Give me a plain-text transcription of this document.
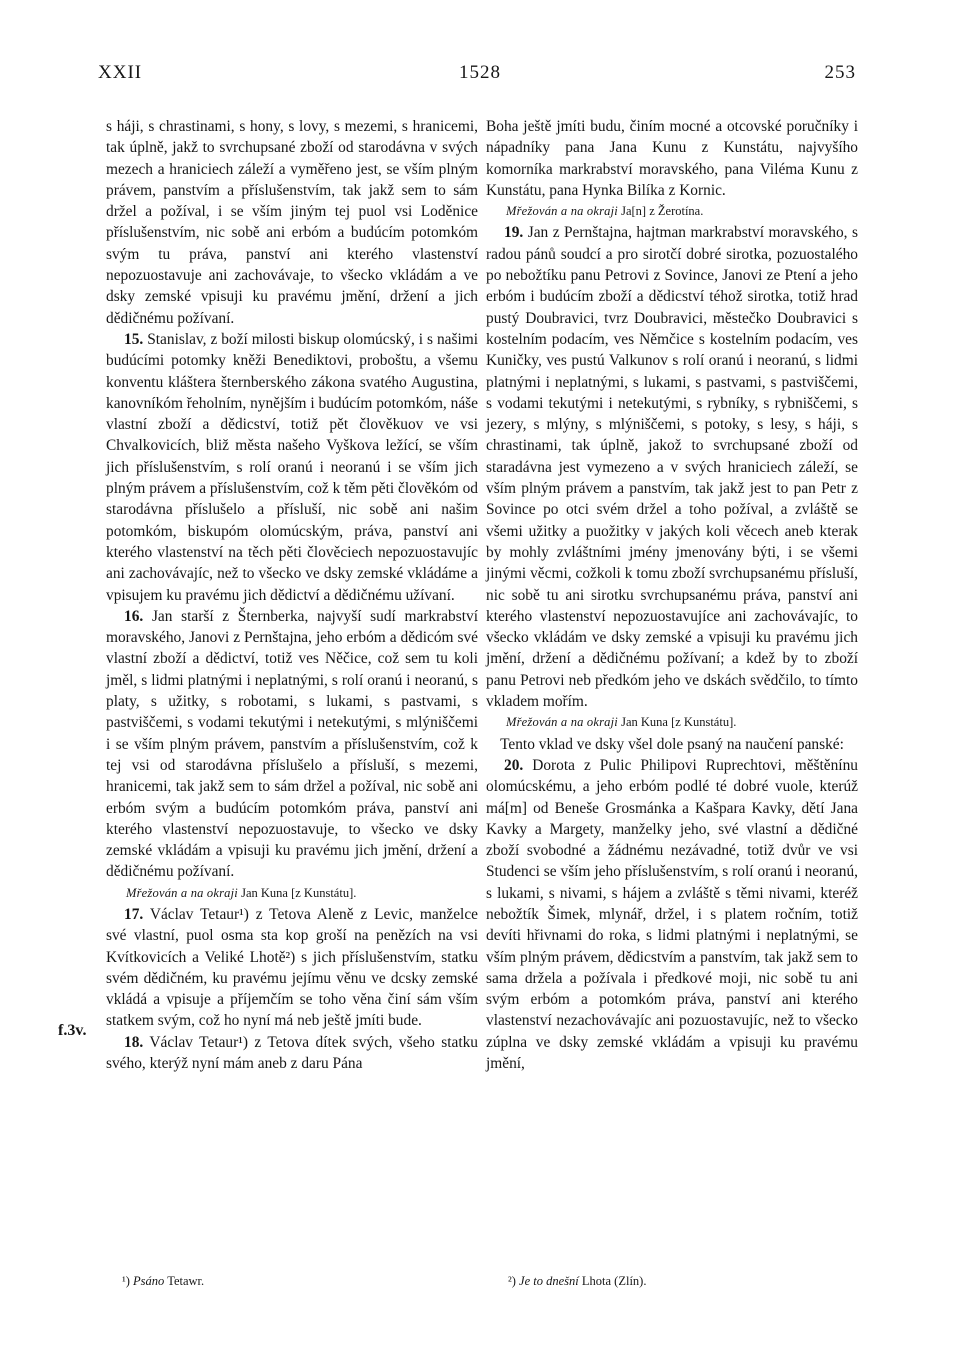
XXII	1528	253
f.3v.

s háji, s chrastinami, s hony, s lovy, s mezemi, s hranicemi, tak úplně, jakž to svrchupsané zboží od starodávna v svých mezech a hraniciech záleží a vyměřeno jest, se vším plným právem, panstvím a příslušenstvím, tak jakž sem to sám držel a požíval, i se vším jiným tej puol vsi Loděnice příslušenstvím, nic sobě ani erbóm a budúcím potomkóm svým tu práva, panství ani kterého vlastenství nepozuostavuje ani zachovávaje, to všecko vkládám a ve dsky zemské vpisuji ku pravému jmění, držení a jich dědičnému požívaní.

15. Stanislav, z boží milosti biskup olomúcský, i s našimi budúcími potomky kněži Benediktovi, proboštu, a všemu konventu kláštera šternberského zákona svatého Augustina, kanovníkóm řeholním, nynějším i budúcím potomkóm, náše vlastní zboží a dědicství, totiž pět člověkuov ve vsi Chvalkovicích, bliž města našeho Vyškova ležící, se vším jich příslušenstvím, s rolí oranú i neoranú i se vším jich plným právem a příslušenstvím, což k těm pěti člověkóm od starodávna příslušelo a přísluší, nic sobě ani našim potomkóm, biskupóm olomúcským, práva, panství ani kterého vlastenství na těch pěti člověciech nepozuostavujíc ani zachovávajíc, než to všecko ve dsky zemské vkládáme a vpisujem ku pravému jich dědictví a dědičnému užívaní.

16. Jan starší z Šternberka, najvyší sudí markrabství moravského, Janovi z Pernštajna, jeho erbóm a dědicóm své vlastní zboží a dědictví, totiž ves Něčice, což sem tu koli jměl, s lidmi platnými i neplatnými, s rolí oranú i neoranú, s platy, s užitky, s robotami, s lukami, s pastvami, s pastviščemi, s vodami tekutými i netekutými, s mlýniščemi i se vším plným právem, panstvím a příslušenstvím, což k tej vsi od starodávna příslušelo a přísluší, s mezemi, hranicemi, tak jakž sem to sám držel a požíval, nic sobě ani erbóm svým a budúcím potomkóm práva, panství ani kterého vlastenství nepozuostavuje, to všecko ve dsky zemské vkládám a vpisuji ku pravému jich jmění, držení a dědičnému požívaní.

Mřežován a na okraji Jan Kuna [z Kunstátu].

17. Václav Tetaur¹) z Tetova Aleně z Levic, manželce své vlastní, puol osma sta kop groší na penězích na vsi Kvítkovicích a Veliké Lhotě²) s jich příslušenstvím, statku svém dědičném, ku pravému jejímu věnu ve dcsky zemské vkládá a vpisuje a příjemčím se toho věna činí sám vším statkem svým, což ho nyní má neb ještě jmíti bude.

18. Václav Tetaur¹) z Tetova dítek svých, všeho statku svého, kterýž nyní mám aneb z daru Pána

Boha ještě jmíti budu, činím mocné a otcovské poručníky i nápadníky pana Jana Kunu z Kunstátu, najvyšího komorníka markrabství moravského, pana Viléma Kunu z Kunstátu, pana Hynka Bilíka z Kornic.

Mřežován a na okraji Ja[n] z Žerotína.

19. Jan z Pernštajna, hajtman markrabství moravského, s radou pánů soudcí a pro sirotčí dobré sirotka, pozuostalého po nebožtíku panu Petrovi z Sovince, Janovi ze Ptení a jeho erbóm i budúcím zboží a dědicství téhož sirotka, totiž hrad pustý Doubravici, tvrz Doubravici, městečko Doubravici s kostelním podacím, ves Němčice s kostelním podacím, ves Kuničky, ves pustú Valkunov s rolí oranú i neoranú, s lidmi platnými i neplatnými, s lukami, s pastvami, s pastviščemi, s vodami tekutými i netekutými, s rybníky, s rybniščemi, s jezery, s mlýny, s mlýniščemi, s potoky, s lesy, s háji, s chrastinami, tak úplně, jakož to svrchupsané zboží od staradávna jest vymezeno a v svých hraniciech záleží, se vším plným právem a panstvím, tak jakž jest to pan Petr z Sovince po otci svém držel a toho požíval, a zvláště se všemi užitky a puožitky v jakých koli věcech aneb kterak by mohly zvláštními jmény jmenovány býti, i se všemi jinými věcmi, cožkoli k tomu zboží svrchupsanému přísluší, nic sobě tu ani sirotku svrchupsanému práva, panství ani kterého vlastenství nepozuostavujíce ani zachovávajíc, to všecko vkládám ve dsky zemské a vpisuji ku pravému jich jmění, držení a dědičnému požívaní; a kdež by to zboží panu Petrovi neb předkóm jeho ve dskách svědčilo, to tímto vkladem mořím.

Mřežován a na okraji Jan Kuna [z Kunstátu].

Tento vklad ve dsky všel dole psaný na naučení panské:

20. Dorota z Pulic Philipovi Ruprechtovi, měštěnínu olomúcskému, a jeho erbóm podlé té dobré vuole, kterúž má[m] od Beneše Grosmánka a Kašpara Kavky, dětí Jana Kavky a Margety, manželky jeho, své vlastní a dědičné zboží svobodné a žádnému nezávadné, totiž dvůr ve vsi Studenci se vším jeho příslušenstvím, s rolí oranú i neoranú, s lukami, s nivami, s hájem a zvláště s těmi nivami, kteréž nebožtík Šimek, mlynář, držel, i s platem ročním, totiž devíti hřivnami do roka, s lidmi platnými i neplatnými, se vším plným právem, dědicstvím a panstvím, tak jakž sem to sama držela a požívala i předkové moji, nic sobě tu ani svým erbóm a potomkóm práva, panství ani kterého vlastenství nezachovávajíc ani pozuostavujíc, než to všecko zúplna ve dsky zemské vkládám a vpisuji ku pravému jmění,

¹) Psáno Tetawr.	²) Je to dnešní Lhota (Zlín).
